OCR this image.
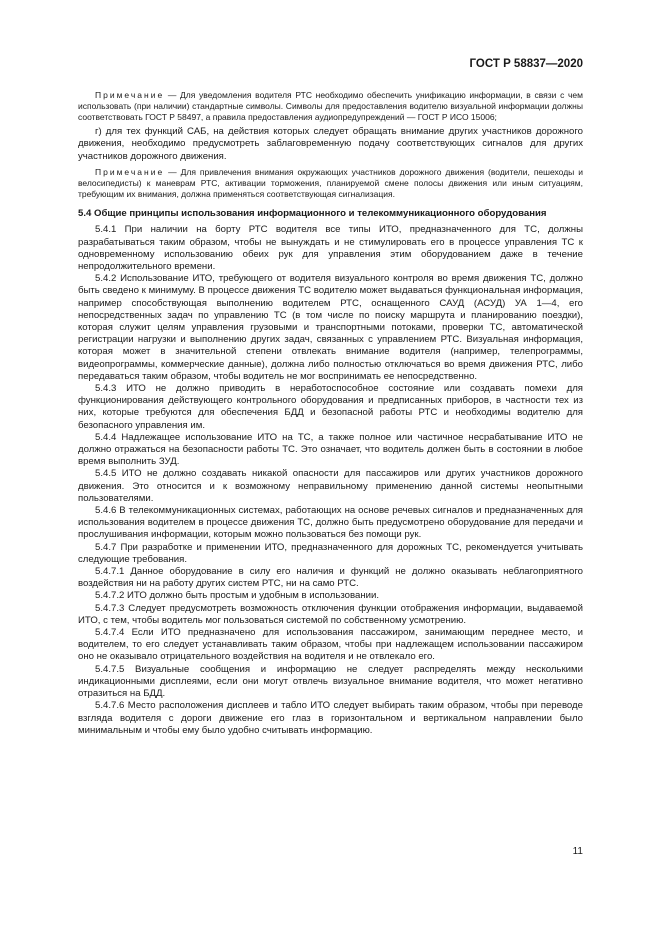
ГОСТ Р 58837—2020

Примечание — Для уведомления водителя РТС необходимо обеспечить унификацию информации, в связи с чем использовать (при наличии) стандартные символы. Символы для предоставления водителю визуальной информации должны соответствовать ГОСТ Р 58497, а правила предоставления аудиопредупреждений — ГОСТ Р ИСО 15006;

г) для тех функций САБ, на действия которых следует обращать внимание других участников дорожного движения, необходимо предусмотреть заблаговременную подачу соответствующих сигналов для других участников дорожного движения.

Примечание — Для привлечения внимания окружающих участников дорожного движения (водители, пешеходы и велосипедисты) к маневрам РТС, активации торможения, планируемой смене полосы движения или иным ситуациям, требующим их внимания, должна применяться соответствующая сигнализация.

5.4 Общие принципы использования информационного и телекоммуникационного оборудования

5.4.1 При наличии на борту РТС водителя все типы ИТО, предназначенного для ТС, должны разрабатываться таким образом, чтобы не вынуждать и не стимулировать его в процессе управления ТС к одновременному использованию обеих рук для управления этим оборудованием даже в течение непродолжительного времени.

5.4.2 Использование ИТО, требующего от водителя визуального контроля во время движения ТС, должно быть сведено к минимуму. В процессе движения ТС водителю может выдаваться функциональная информация, например способствующая выполнению водителем РТС, оснащенного САУД (АСУД) УА 1—4, его непосредственных задач по управлению ТС (в том числе по поиску маршрута и планированию поездки), которая служит целям управления грузовыми и транспортными потоками, проверки ТС, автоматической регистрации нагрузки и выполнению других задач, связанных с управлением РТС. Визуальная информация, которая может в значительной степени отвлекать внимание водителя (например, телепрограммы, видеопрограммы, коммерческие данные), должна либо полностью отключаться во время движения РТС, либо передаваться таким образом, чтобы водитель не мог воспринимать ее непосредственно.

5.4.3 ИТО не должно приводить в неработоспособное состояние или создавать помехи для функционирования действующего контрольного оборудования и предписанных приборов, в частности тех из них, которые требуются для обеспечения БДД и безопасной работы РТС и необходимы водителю для безопасного управления им.

5.4.4 Надлежащее использование ИТО на ТС, а также полное или частичное несрабатывание ИТО не должно отражаться на безопасности работы ТС. Это означает, что водитель должен быть в состоянии в любое время выполнить ЗУД.

5.4.5 ИТО не должно создавать никакой опасности для пассажиров или других участников дорожного движения. Это относится и к возможному неправильному применению данной системы неопытными пользователями.

5.4.6 В телекоммуникационных системах, работающих на основе речевых сигналов и предназначенных для использования водителем в процессе движения ТС, должно быть предусмотрено оборудование для передачи и прослушивания информации, которым можно пользоваться без помощи рук.

5.4.7 При разработке и применении ИТО, предназначенного для дорожных ТС, рекомендуется учитывать следующие требования.

5.4.7.1 Данное оборудование в силу его наличия и функций не должно оказывать неблагоприятного воздействия ни на работу других систем РТС, ни на само РТС.

5.4.7.2 ИТО должно быть простым и удобным в использовании.

5.4.7.3 Следует предусмотреть возможность отключения функции отображения информации, выдаваемой ИТО, с тем, чтобы водитель мог пользоваться системой по собственному усмотрению.

5.4.7.4 Если ИТО предназначено для использования пассажиром, занимающим переднее место, и водителем, то его следует устанавливать таким образом, чтобы при надлежащем использовании пассажиром оно не оказывало отрицательного воздействия на водителя и не отвлекало его.

5.4.7.5 Визуальные сообщения и информацию не следует распределять между несколькими индикационными дисплеями, если они могут отвлечь визуальное внимание водителя, что может негативно отразиться на БДД.

5.4.7.6 Место расположения дисплеев и табло ИТО следует выбирать таким образом, чтобы при переводе взгляда водителя с дороги движение его глаз в горизонтальном и вертикальном направлении было минимальным и чтобы ему было удобно считывать информацию.

11
